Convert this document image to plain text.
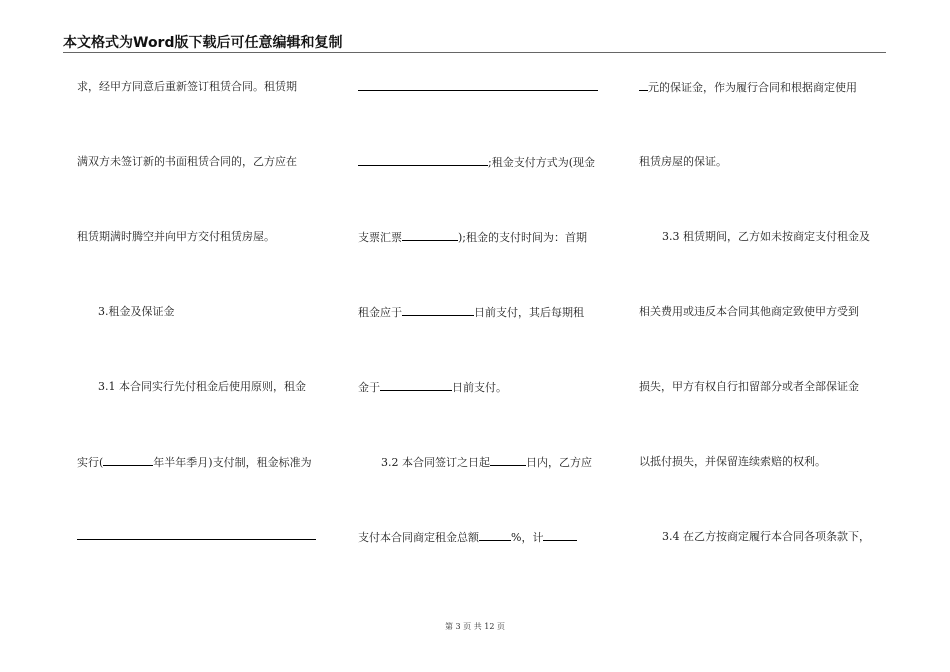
本文格式为Word版下载后可任意编辑和复制
求，经甲方同意后重新签订租赁合同。租赁期
满双方未签订新的书面租赁合同的，乙方应在
租赁期满时腾空并向甲方交付租赁房屋。
3.租金及保证金
3.1 本合同实行先付租金后使用原则，租金
实行(	年半年季月)支付制，租金标准为
;租金支付方式为(现金
支票汇票	);租金的支付时间为：首期
租金应于	日前支付，其后每期租
金于	日前支付。
3.2 本合同签订之日起	日内，乙方应
支付本合同商定租金总额	%，计
元的保证金，作为履行合同和根据商定使用
租赁房屋的保证。
3.3 租赁期间，乙方如未按商定支付租金及
相关费用或违反本合同其他商定致使甲方受到
损失，甲方有权自行扣留部分或者全部保证金
以抵付损失，并保留连续索赔的权利。
3.4 在乙方按商定履行本合同各项条款下，
第 3 页 共 12 页
